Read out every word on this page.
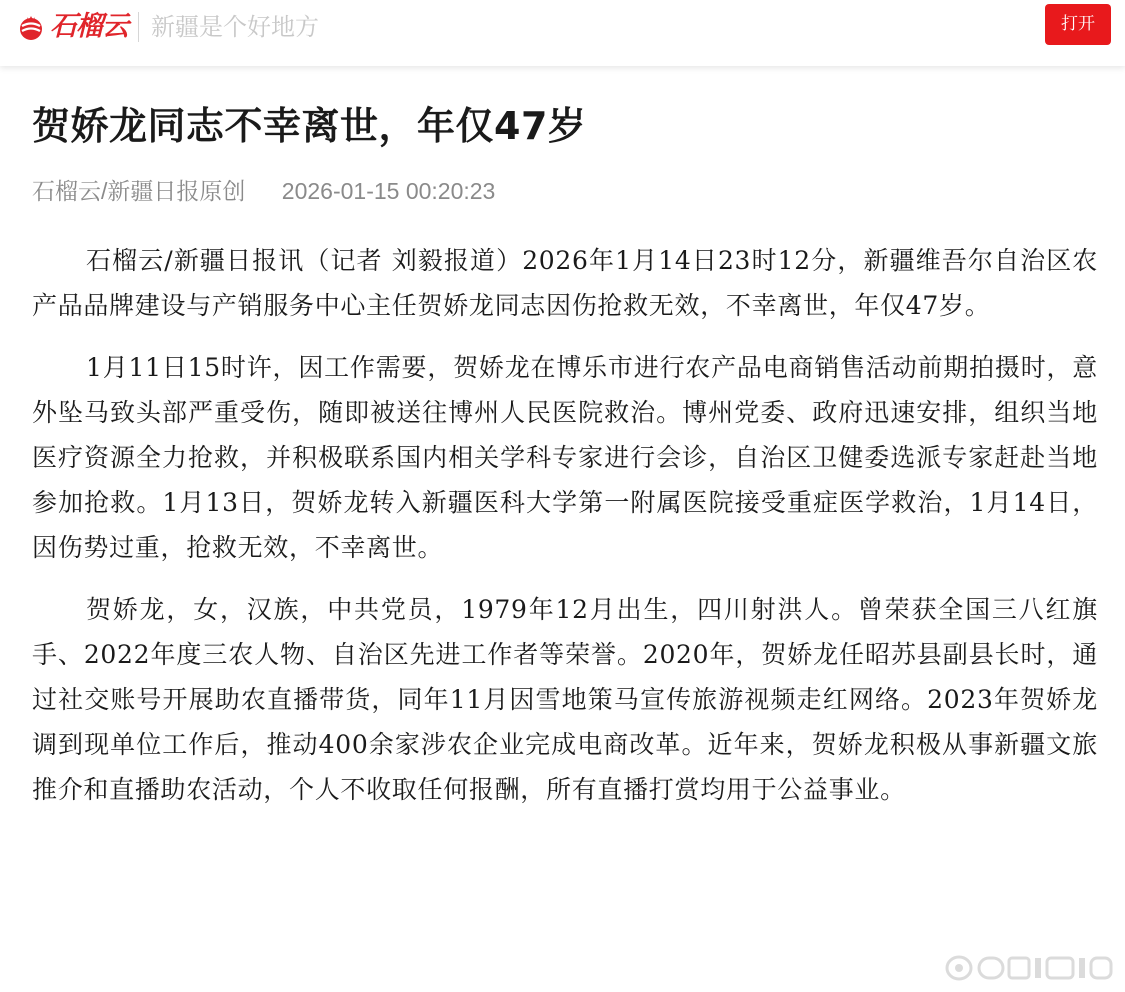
石榴云 新疆是个好地方	打开
贺娇龙同志不幸离世，年仅47岁
石榴云/新疆日报原创 2026-01-15 00:20:23

石榴云/新疆日报讯（记者 刘毅报道）2026年1月14日23时12分，新疆维吾尔自治区农产品品牌建设与产销服务中心主任贺娇龙同志因伤抢救无效，不幸离世，年仅47岁。

1月11日15时许，因工作需要，贺娇龙在博乐市进行农产品电商销售活动前期拍摄时，意外坠马致头部严重受伤，随即被送往博州人民医院救治。博州党委、政府迅速安排，组织当地医疗资源全力抢救，并积极联系国内相关学科专家进行会诊，自治区卫健委选派专家赶赴当地参加抢救。1月13日，贺娇龙转入新疆医科大学第一附属医院接受重症医学救治，1月14日，因伤势过重，抢救无效，不幸离世。

贺娇龙，女，汉族，中共党员，1979年12月出生，四川射洪人。曾荣获全国三八红旗手、2022年度三农人物、自治区先进工作者等荣誉。2020年，贺娇龙任昭苏县副县长时，通过社交账号开展助农直播带货，同年11月因雪地策马宣传旅游视频走红网络。2023年贺娇龙调到现单位工作后，推动400余家涉农企业完成电商改革。近年来，贺娇龙积极从事新疆文旅推介和直播助农活动，个人不收取任何报酬，所有直播打赏均用于公益事业。
